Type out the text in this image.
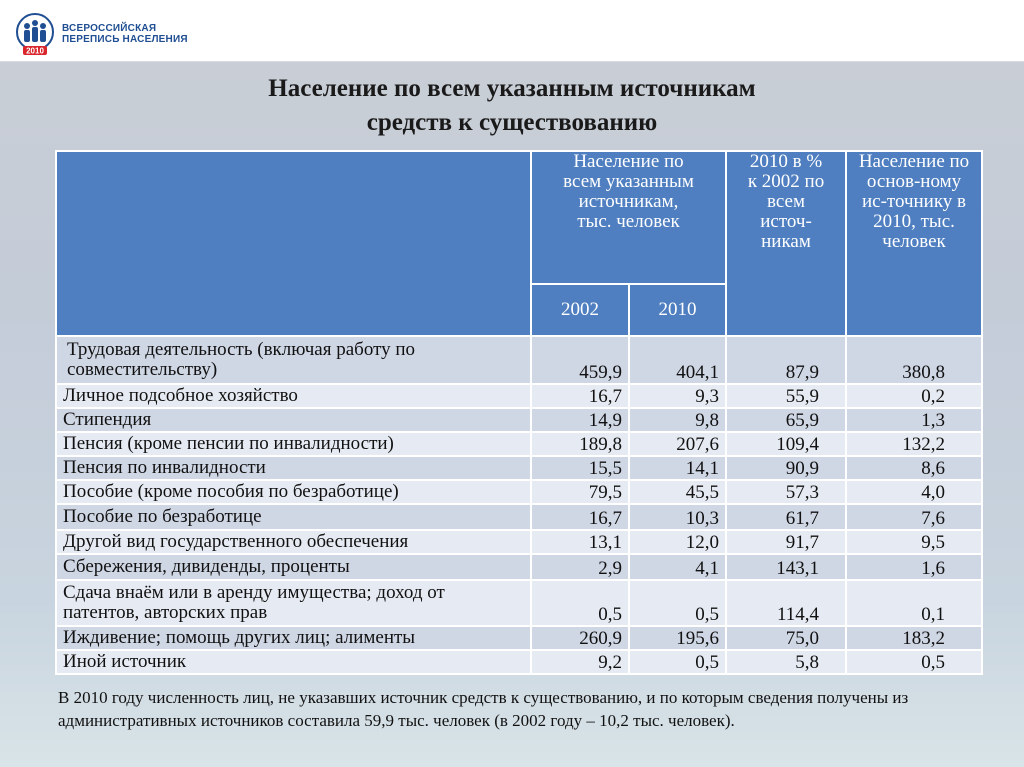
2010
ВСЕРОССИЙСКАЯ
ПЕРЕПИСЬ НАСЕЛЕНИЯ
Население по всем указанным источникам
средств к существованию
	Население по всем указанным источникам, тыс. человек		2010 в % к 2002 по всем источ-никам	Население по основ-ному ис-точнику в 2010, тыс. человек
	2002	2010		
Трудовая деятельность (включая работу по совместительству)	459,9	404,1	87,9	380,8
Личное подсобное хозяйство	16,7	9,3	55,9	0,2
Стипендия	14,9	9,8	65,9	1,3
Пенсия (кроме пенсии по инвалидности)	189,8	207,6	109,4	132,2
Пенсия по инвалидности	15,5	14,1	90,9	8,6
Пособие (кроме пособия по безработице)	79,5	45,5	57,3	4,0
Пособие по безработице	16,7	10,3	61,7	7,6
Другой вид государственного обеспечения	13,1	12,0	91,7	9,5
Сбережения, дивиденды, проценты	2,9	4,1	143,1	1,6
Сдача внаём или в аренду имущества; доход от патентов, авторских прав	0,5	0,5	114,4	0,1
Иждивение; помощь других лиц; алименты	260,9	195,6	75,0	183,2
Иной источник	9,2	0,5	5,8	0,5
В 2010 году численность лиц, не указавших источник средств к существованию, и по которым сведения получены из административных источников составила 59,9 тыс. человек (в 2002 году – 10,2 тыс. человек).
